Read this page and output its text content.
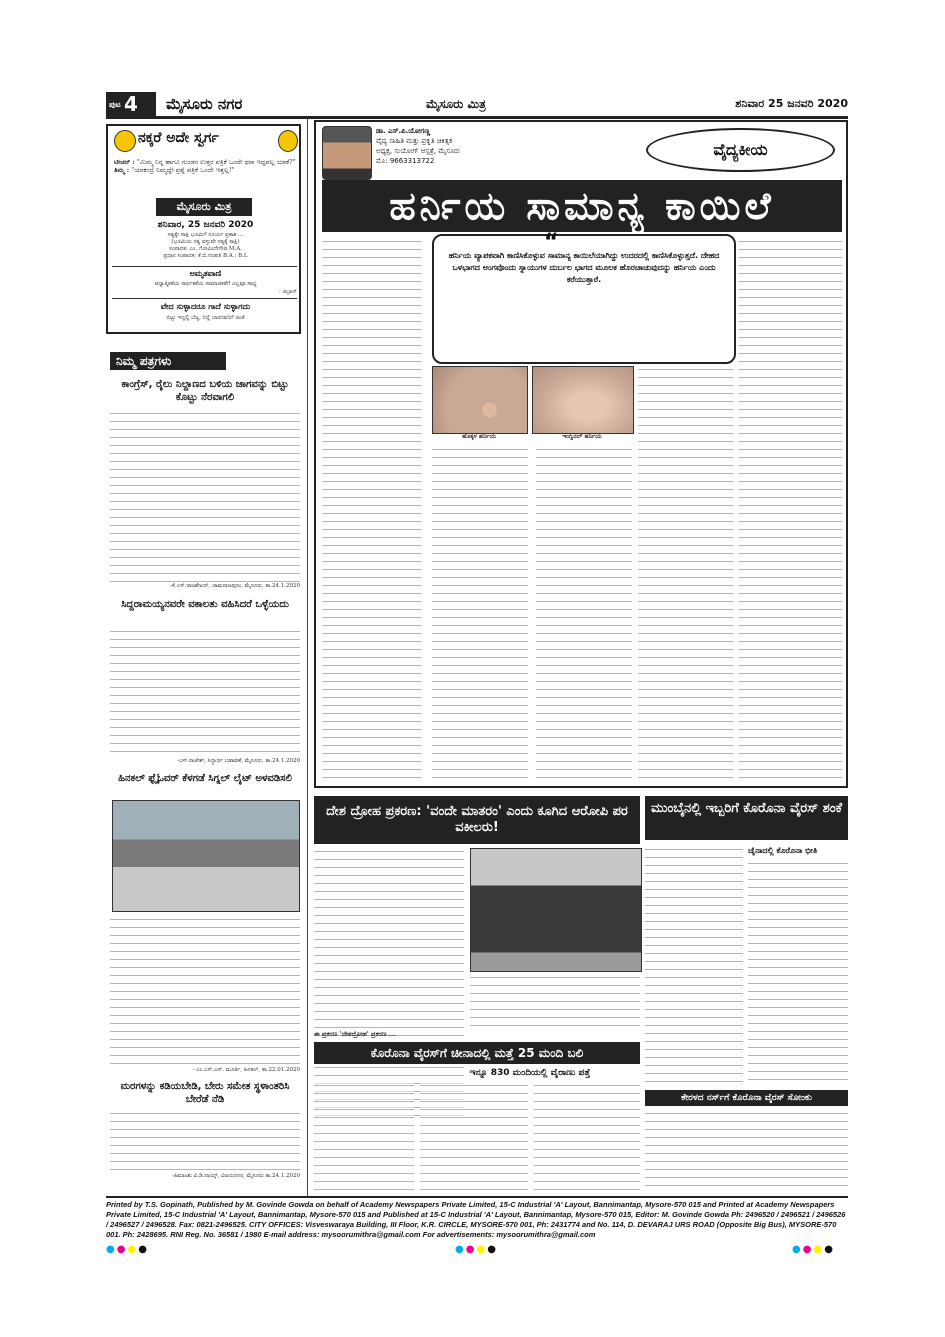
ಪುಟ 4	ಮೈಸೂರು ನಗರ	ಮೈಸೂರು ಮಿತ್ರ	ಶನಿವಾರ 25 ಜನವರಿ 2020
ನಕ್ಕರೆ ಅದೇ ಸ್ವರ್ಗ
ಟೀಚರ್ : "ಮಿಮ್ಮ ನಿನ್ನ ಹಾಗೂ ಗುಂಡನ ಉತ್ತರ ಪತ್ರಿಕೆ ಒಂದೇ ಥರಾ ಇದ್ದವಲ್ಲ ಯಾಕೆ?"
ತಿಮ್ಮ : "ಯಾಕಂದ್ರೆ ನಿಮ್ಮದ್ದೇ ಪ್ರಶ್ನೆ ಪತ್ರಿಕೆ ಒಂದೇ ಇತ್ತಲ್ಲ!"
ಮೈಸೂರು ಮಿತ್ರ
ಶನಿವಾರ, 25 ಜನವರಿ 2020
ಸತ್ಯಕ್ಕೇ ಸಾಕ್ಷಿ ಭೂಮಿಗೆ ಸೂರ್ಯ ಪ್ರಕಾಶ ...
(ಭೂಮಿಯ ಸತ್ಯ ವಸ್ತುವೇ ಸತ್ಯಕ್ಕೆ ಸಾಕ್ಷಿ)
ಸಂಪಾದಕ: ಎಂ. ಗೋವಿಂದೇಗೌಡ M.A.
ಪ್ರಧಾನ ಸಂಪಾದಕ: ಕೆ.ಬಿ.ಗಣಪತಿ B.A.; B.L
ಅಮೃತವಾಣಿ
ಆಧ್ಯಾತ್ಮಿಕತೆಯ ಸಾರ್ಥಕತೆಯ ಸಾಮಾಜಿಕತೆಗೆ ಎಲ್ಲವೂ ಸಾಧ್ಯ
- ಜಿಬ್ರಾನ್
ವೇದ ಸುಳ್ಳಾದರೂ ಗಾದೆ ಸುಳ್ಳಾಗದು
ಬಿಟ್ಟು ಇದ್ದಲ್ಲಿ ಬೆಟ್ಟ, ನಿದ್ದೆ ಬಾರದವನಿಗೆ ಚಿಂತೆ
ನಿಮ್ಮ ಪತ್ರಗಳು
ಕಾಂಗ್ರೆಸ್, ರೈಲು ನಿಲ್ದಾಣದ ಬಳಿಯ ಜಾಗವನ್ನು ಬಿಟ್ಟು ಕೊಟ್ಟು ನೆರವಾಗಲಿ
-ಕೆ.ಎಸ್.ರಾಜಶೇಖರ್, ಚಾಮರಾಜಪುರಂ, ಮೈಸೂರು, ತಾ.24.1.2020
ಸಿದ್ದರಾಮಯ್ಯನವರೇ ವಕಾಲತು ವಹಿಸಿದರೆ ಒಳ್ಳೆಯದು
-ಎಸ್.ರಾಜೇಶ್, ಸಿದ್ಧಾರ್ಥ ಬಡಾವಣೆ, ಮೈಸೂರು, ತಾ.24.1.2020
ಹಿನಕಲ್ ಫ್ಲೈಓವರ್ ಕೆಳಗಡೆ ಸಿಗ್ನಲ್ ಲೈಟ್ ಅಳವಡಿಸಲಿ
- ಎಂ.ಎಸ್.ಎಸ್. ಮೂರ್ತಿ, ಹಿನಕಲ್, ತಾ.22.01.2020
ಮರಗಳನ್ನು ಕಡಿಯಬೇಡಿ, ಬೇರು ಸಮೇತ ಸ್ಥಳಾಂತರಿಸಿ ಬೇರೆಡೆ ನೆಡಿ
-ಹಿಮಾಂಶು ವಿ.ಡಿ.ನಾಯ್ಕ್, ವಿಜಯನಗರ, ಮೈಸೂರು ತಾ.24.1.2020
ಡಾ. ಎಸ್.ಪಿ.ಯೋಗಣ್ಣ
ವೈದ್ಯ ಸಾಹಿತಿ ಮತ್ತು ಪ್ರಕೃತಿ ಚಿಕಿತ್ಸಕ
ಅಧ್ಯಕ್ಷ, ಸುಯೋಗ್ ಆಸ್ಪತ್ರೆ, ಮೈಸೂರು
ಮೊ: 9663313722
ವೈದ್ಯಕೀಯ
ಹರ್ನಿಯ ಸಾಮಾನ್ಯ ಕಾಯಿಲೆ
“
ಹರ್ನಿಯ ವ್ಯಾಪಕವಾಗಿ ಕಾಣಿಸಿಕೊಳ್ಳುವ ಸಾಮಾನ್ಯ ಕಾಯಿಲೆಯಾಗಿದ್ದು ಉದರದಲ್ಲಿ ಕಾಣಿಸಿಕೊಳ್ಳುತ್ತದೆ. ದೇಹದ ಒಳಭಾಗದ ಅಂಗವೊಂದು ಸ್ನಾಯುಗಳ ದುರ್ಬಲ ಭಾಗದ ಮೂಲಕ ಹೊರಚಾಚುವುದನ್ನು ಹರ್ನಿಯ ಎಂದು ಕರೆಯುತ್ತಾರೆ.
ಹೊಕ್ಕಳ ಹರ್ನಿಯ	ಇಂಗ್ವಿನಲ್ ಹರ್ನಿಯ
ದೇಶ ದ್ರೋಹ ಪ್ರಕರಣ: 'ವಂದೇ ಮಾತರಂ' ಎಂದು ಕೂಗಿದ ಆರೋಪಿ ಪರ ವಕೀಲರು!
ಈ ಪ್ರಕರಣ 'ದೇಶದ್ರೋಹ' ಪ್ರಕರಣ ...
ಮುಂಬೈನಲ್ಲಿ ಇಬ್ಬರಿಗೆ ಕೊರೊನಾ ವೈರಸ್ ಶಂಕೆ
ಚೈನಾದಲ್ಲಿ ಕೊರೊನಾ ಭೀತಿ
ಕೊರೊನಾ ವೈರಸ್‌ಗೆ ಚೀನಾದಲ್ಲಿ ಮತ್ತೆ 25 ಮಂದಿ ಬಲಿ
ಇನ್ನೂ 830 ಮಂದಿಯಲ್ಲಿ ವೈರಾಣು ಪತ್ತೆ
ಕೇರಳದ ನರ್ಸ್‌ಗೆ ಕೊರೊನಾ ವೈರಸ್ ಸೋಂಕು
Printed by T.S. Gopinath, Published by M. Govinde Gowda on behalf of Academy Newspapers Private Limited, 15-C Industrial 'A' Layout, Bannimantap, Mysore-570 015 and Printed at Academy Newspapers Private Limited, 15-C Industrial 'A' Layout, Bannimantap, Mysore-570 015 and Published at 15-C Industrial 'A' Layout, Bannimantap, Mysore-570 015, Editor: M. Govinde Gowda Ph: 2496520 / 2496521 / 2496526 / 2496527 / 2496528. Fax: 0821-2496525. CITY OFFICES: Visveswaraya Building, III Floor, K.R. CIRCLE, MYSORE-570 001, Ph: 2431774 and No. 114, D. DEVARAJ URS ROAD (Opposite Big Bus), MYSORE-570 001. Ph: 2428695. RNI Reg. No. 36581 / 1980 E-mail address: mysoorumithra@gmail.com For advertisements: mysoorumithra@gmail.com
●●●●	●●●●	●●●●
